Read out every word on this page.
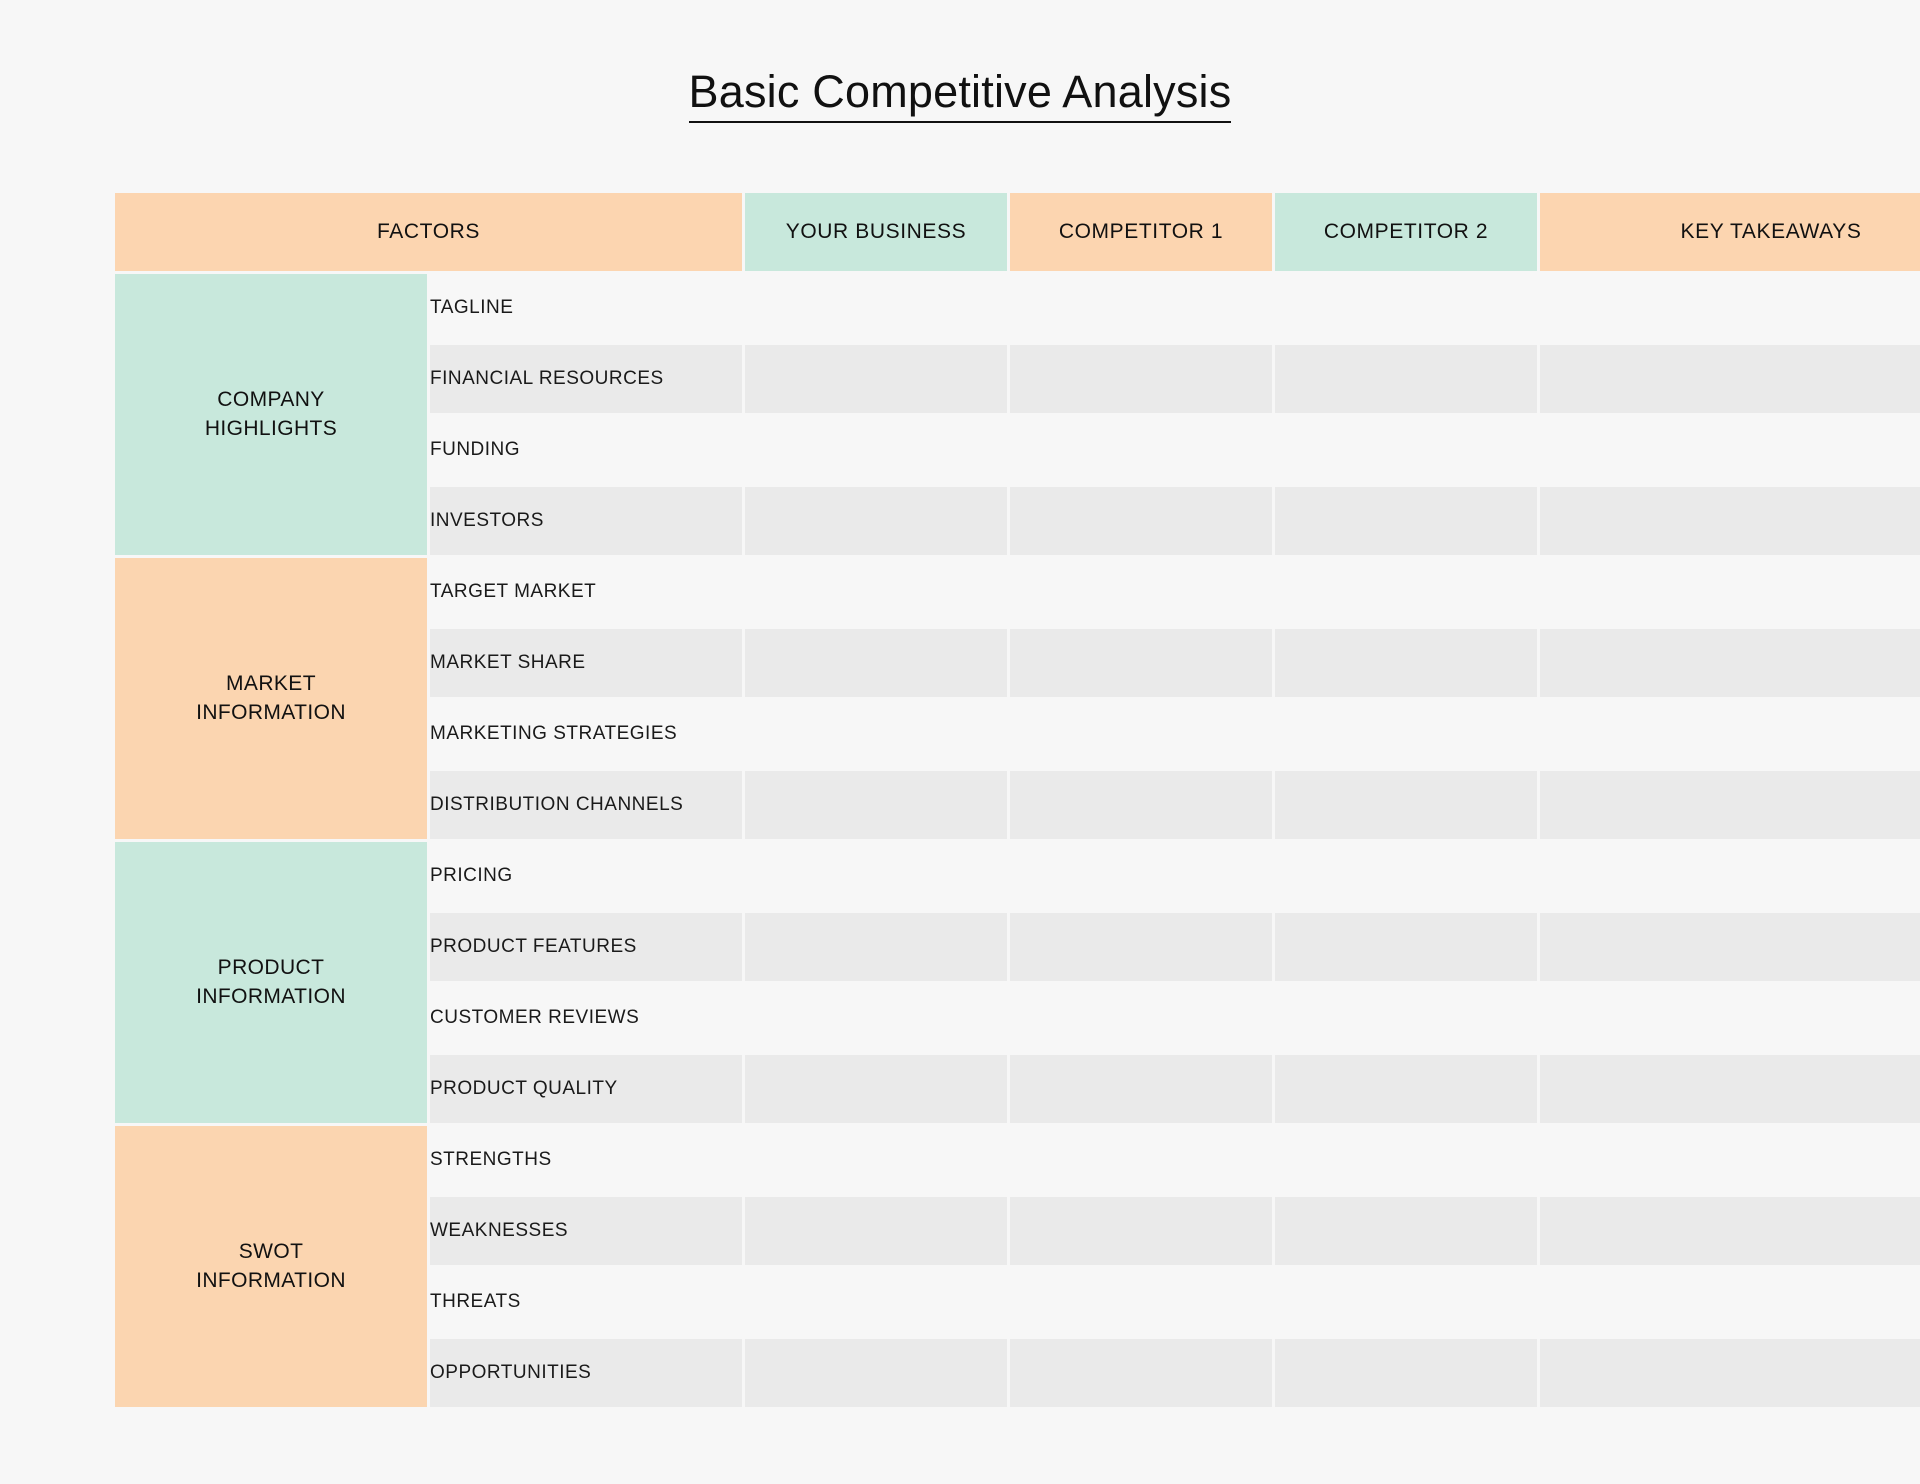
Basic Competitive Analysis
FACTORS		YOUR BUSINESS	COMPETITOR 1	COMPETITOR 2	KEY TAKEAWAYS

COMPANY
HIGHLIGHTS	TAGLINE				
	FINANCIAL RESOURCES				
	FUNDING				
	INVESTORS				

MARKET
INFORMATION	TARGET MARKET				
	MARKET SHARE				
	MARKETING STRATEGIES				
	DISTRIBUTION CHANNELS				

PRODUCT
INFORMATION	PRICING				
	PRODUCT FEATURES				
	CUSTOMER REVIEWS				
	PRODUCT QUALITY				

SWOT
INFORMATION	STRENGTHS				
	WEAKNESSES				
	THREATS				
	OPPORTUNITIES				
